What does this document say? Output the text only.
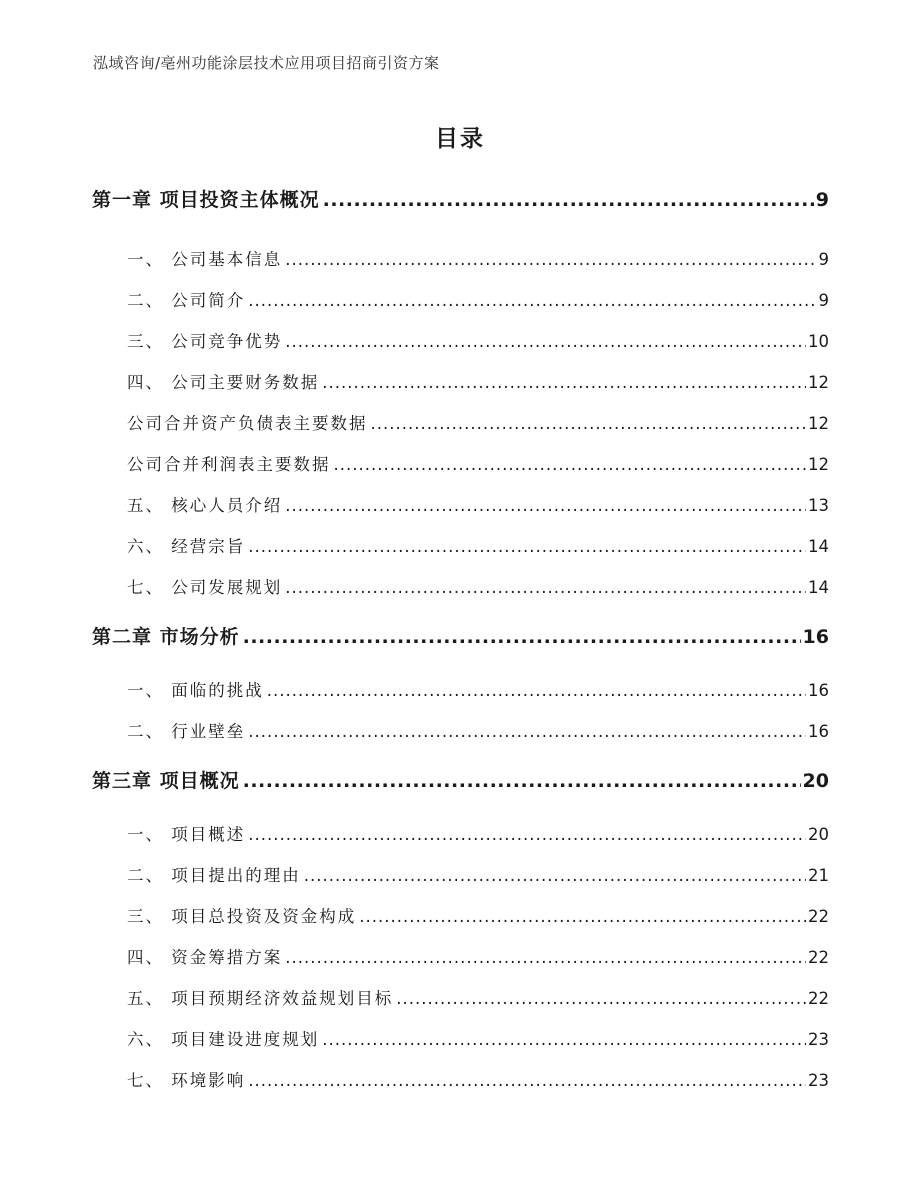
泓域咨询/亳州功能涂层技术应用项目招商引资方案
目录
第一章 项目投资主体概况 .....	9
一、 公司基本信息 .....	9
二、 公司简介 .....	9
三、 公司竞争优势 .....	10
四、 公司主要财务数据 .....	12
公司合并资产负债表主要数据 .....	12
公司合并利润表主要数据 .....	12
五、 核心人员介绍 .....	13
六、 经营宗旨 .....	14
七、 公司发展规划 .....	14
第二章 市场分析 .....	16
一、 面临的挑战 .....	16
二、 行业壁垒 .....	16
第三章 项目概况 .....	20
一、 项目概述 .....	20
二、 项目提出的理由 .....	21
三、 项目总投资及资金构成 .....	22
四、 资金筹措方案 .....	22
五、 项目预期经济效益规划目标 .....	22
六、 项目建设进度规划 .....	23
七、 环境影响 .....	23
